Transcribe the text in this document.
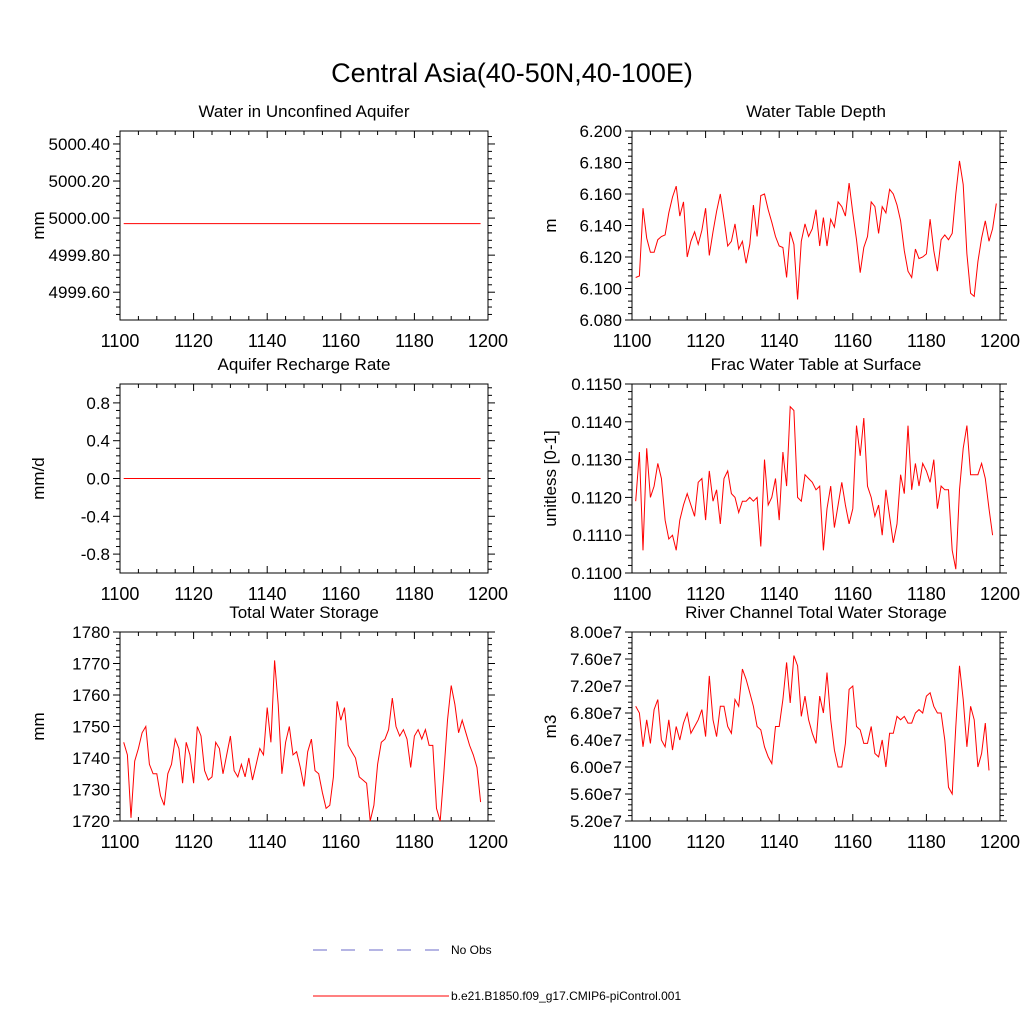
Central Asia(40-50N,40-100E)
Water in Unconfined Aquifer
mm
1100 1120 1140 1160 1180 1200
4999.60
4999.80
5000.00
5000.20
5000.40
Water Table Depth
m
1100 1120 1140 1160 1180 1200
6.080
6.100
6.120
6.140
6.160
6.180
6.200
Aquifer Recharge Rate
mm/d
1100 1120 1140 1160 1180 1200
-0.8
-0.4
0.0
0.4
0.8
Frac Water Table at Surface
unitless [0-1]
1100 1120 1140 1160 1180 1200
0.1100
0.1110
0.1120
0.1130
0.1140
0.1150
Total Water Storage
mm
1100 1120 1140 1160 1180 1200
1720
1730
1740
1750
1760
1770
1780
River Channel Total Water Storage
m3
1100 1120 1140 1160 1180 1200
5.20e7
5.60e7
6.00e7
6.40e7
6.80e7
7.20e7
7.60e7
8.00e7
No Obs
b.e21.B1850.f09_g17.CMIP6-piControl.001
